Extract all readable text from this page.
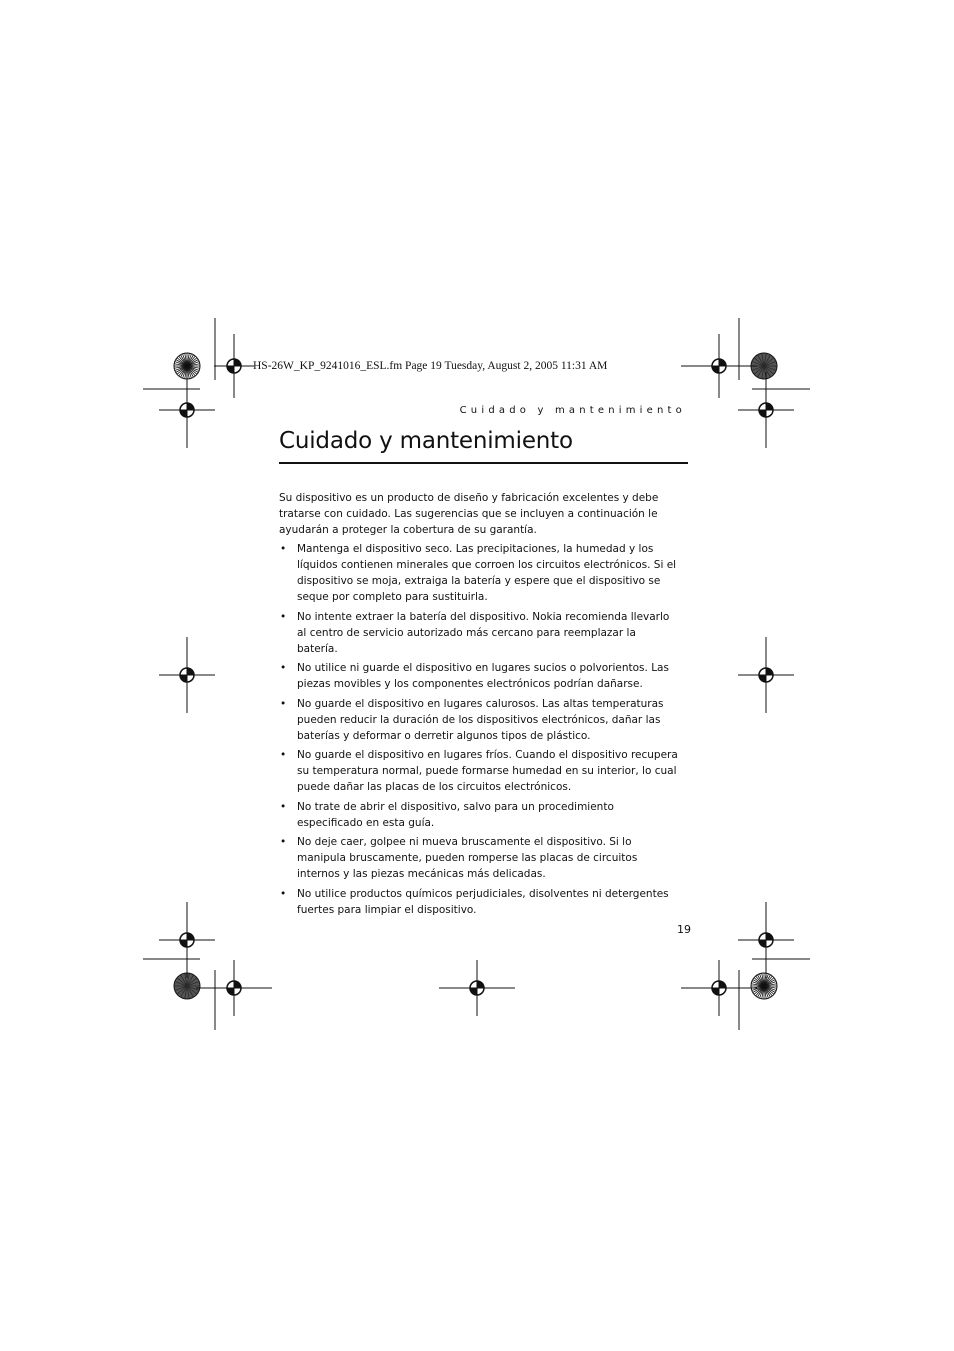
HS-26W_KP_9241016_ESL.fm Page 19 Tuesday, August 2, 2005 11:31 AM
Cuidado y mantenimiento
Cuidado y mantenimiento

Su dispositivo es un producto de diseño y fabricación excelentes y debe tratarse con cuidado. Las sugerencias que se incluyen a continuación le ayudarán a proteger la cobertura de su garantía.

• Mantenga el dispositivo seco. Las precipitaciones, la humedad y los líquidos contienen minerales que corroen los circuitos electrónicos. Si el dispositivo se moja, extraiga la batería y espere que el dispositivo se seque por completo para sustituirla.
• No intente extraer la batería del dispositivo. Nokia recomienda llevarlo al centro de servicio autorizado más cercano para reemplazar la batería.
• No utilice ni guarde el dispositivo en lugares sucios o polvorientos. Las piezas movibles y los componentes electrónicos podrían dañarse.
• No guarde el dispositivo en lugares calurosos. Las altas temperaturas pueden reducir la duración de los dispositivos electrónicos, dañar las baterías y deformar o derretir algunos tipos de plástico.
• No guarde el dispositivo en lugares fríos. Cuando el dispositivo recupera su temperatura normal, puede formarse humedad en su interior, lo cual puede dañar las placas de los circuitos electrónicos.
• No trate de abrir el dispositivo, salvo para un procedimiento especificado en esta guía.
• No deje caer, golpee ni mueva bruscamente el dispositivo. Si lo manipula bruscamente, pueden romperse las placas de circuitos internos y las piezas mecánicas más delicadas.
• No utilice productos químicos perjudiciales, disolventes ni detergentes fuertes para limpiar el dispositivo.
19
